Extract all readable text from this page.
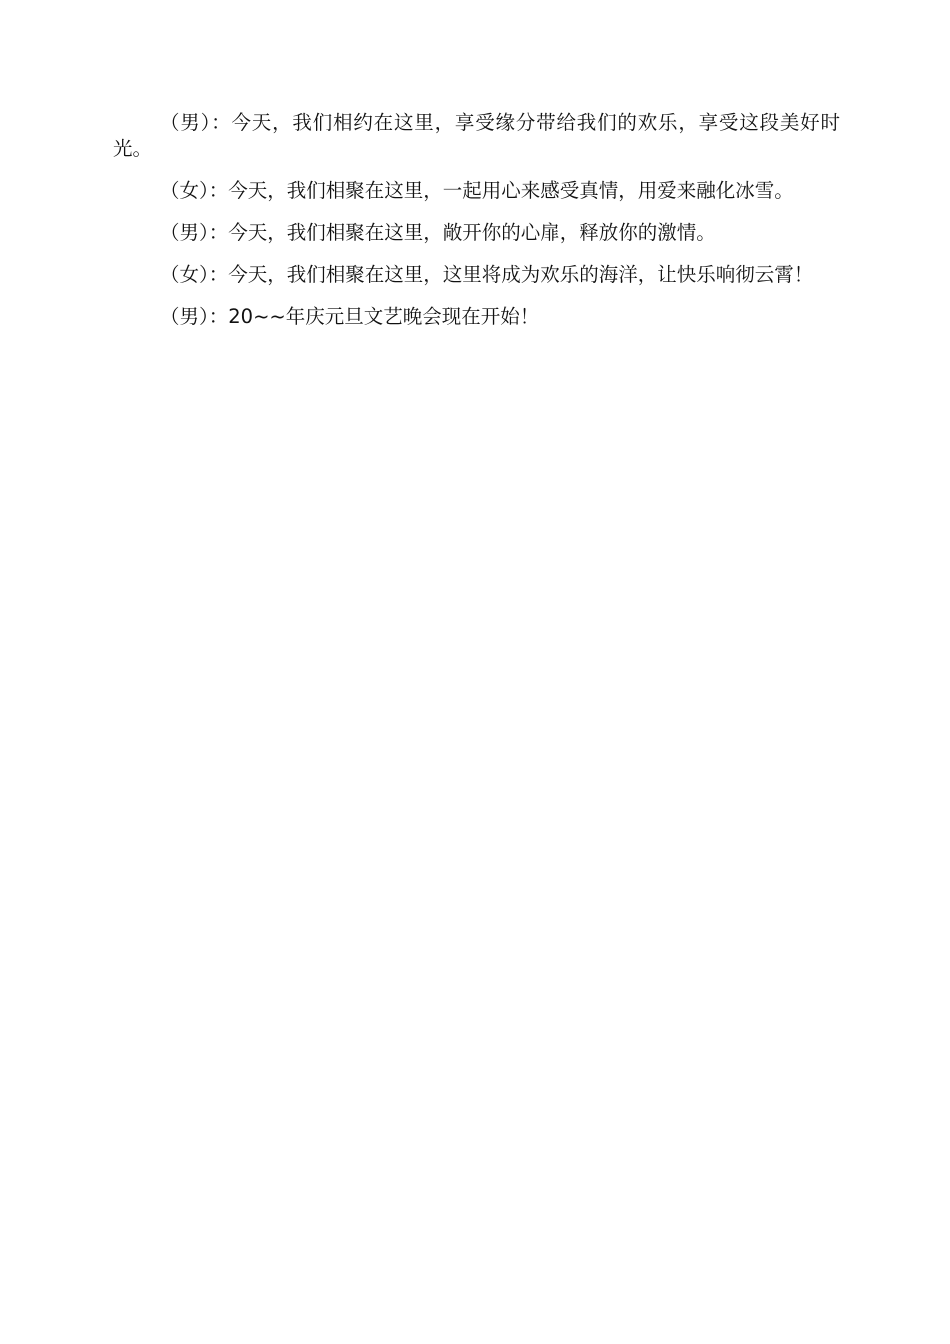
（男）：今天，我们相约在这里，享受缘分带给我们的欢乐，享受这段美好时光。

（女）：今天，我们相聚在这里，一起用心来感受真情，用爱来融化冰雪。

（男）：今天，我们相聚在这里，敞开你的心扉，释放你的激情。

（女）：今天，我们相聚在这里，这里将成为欢乐的海洋，让快乐响彻云霄！

（男）：20~~年庆元旦文艺晚会现在开始！
